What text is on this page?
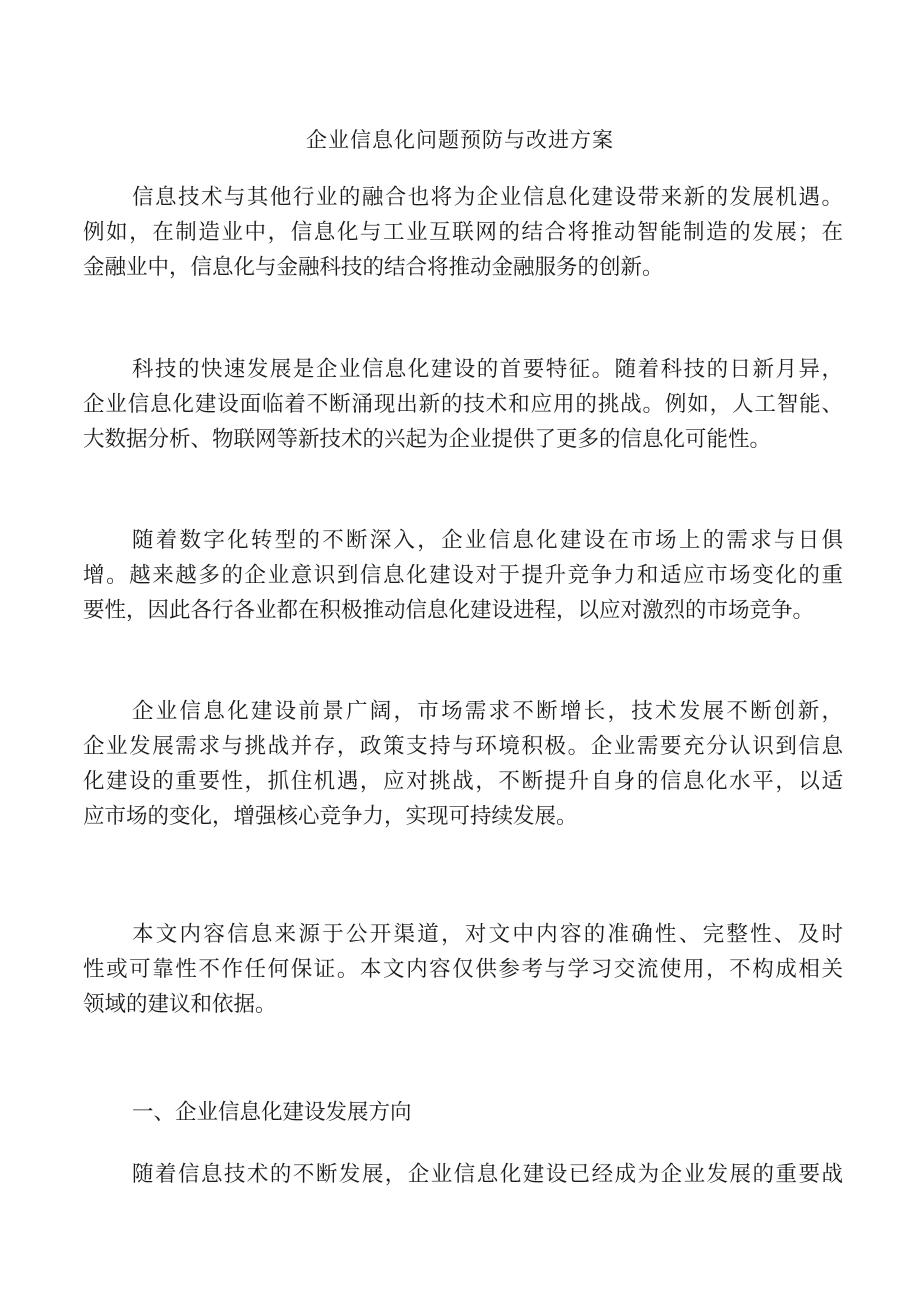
企业信息化问题预防与改进方案
信息技术与其他行业的融合也将为企业信息化建设带来新的发展机遇。
例如，在制造业中，信息化与工业互联网的结合将推动智能制造的发展；在
金融业中，信息化与金融科技的结合将推动金融服务的创新。
科技的快速发展是企业信息化建设的首要特征。随着科技的日新月异，
企业信息化建设面临着不断涌现出新的技术和应用的挑战。例如，人工智能、
大数据分析、物联网等新技术的兴起为企业提供了更多的信息化可能性。
随着数字化转型的不断深入，企业信息化建设在市场上的需求与日俱
增。越来越多的企业意识到信息化建设对于提升竞争力和适应市场变化的重
要性，因此各行各业都在积极推动信息化建设进程，以应对激烈的市场竞争。
企业信息化建设前景广阔，市场需求不断增长，技术发展不断创新，
企业发展需求与挑战并存，政策支持与环境积极。企业需要充分认识到信息
化建设的重要性，抓住机遇，应对挑战，不断提升自身的信息化水平，以适
应市场的变化，增强核心竞争力，实现可持续发展。
本文内容信息来源于公开渠道，对文中内容的准确性、完整性、及时
性或可靠性不作任何保证。本文内容仅供参考与学习交流使用，不构成相关
领域的建议和依据。
一、企业信息化建设发展方向
随着信息技术的不断发展，企业信息化建设已经成为企业发展的重要战
